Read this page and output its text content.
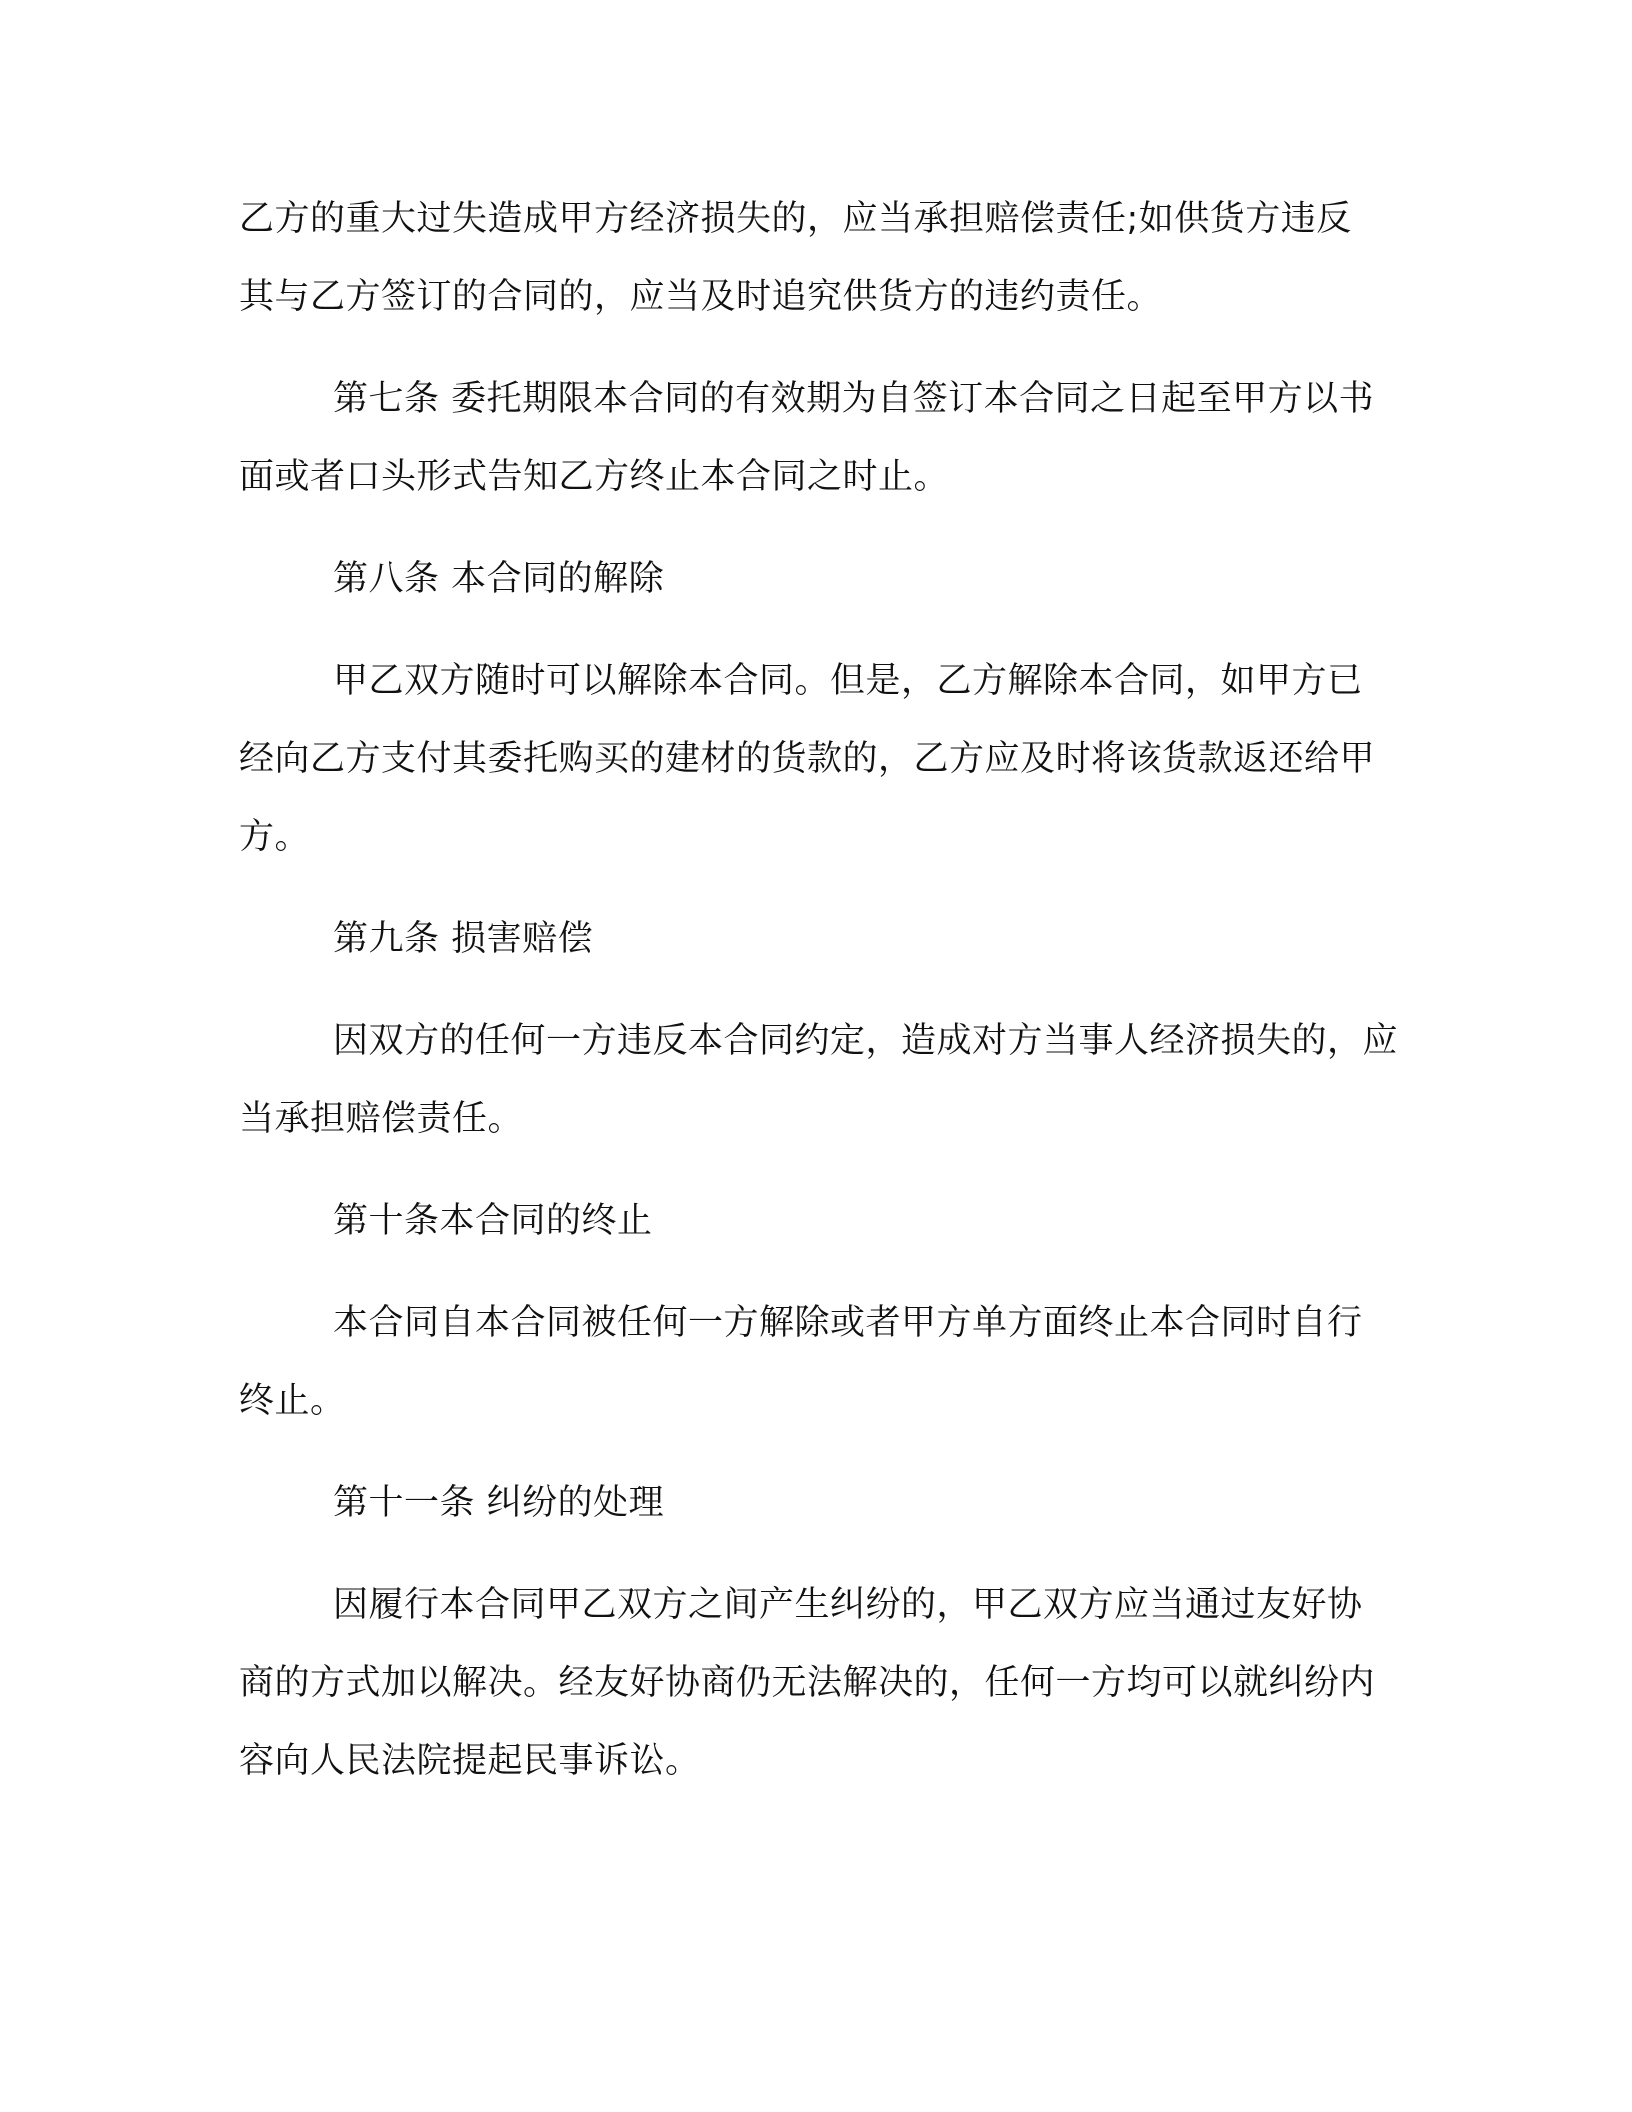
乙方的重大过失造成甲方经济损失的，应当承担赔偿责任;如供货方违反其与乙方签订的合同的，应当及时追究供货方的违约责任。

第七条 委托期限本合同的有效期为自签订本合同之日起至甲方以书面或者口头形式告知乙方终止本合同之时止。

第八条 本合同的解除

甲乙双方随时可以解除本合同。但是，乙方解除本合同，如甲方已经向乙方支付其委托购买的建材的货款的，乙方应及时将该货款返还给甲方。

第九条 损害赔偿

因双方的任何一方违反本合同约定，造成对方当事人经济损失的，应当承担赔偿责任。

第十条本合同的终止

本合同自本合同被任何一方解除或者甲方单方面终止本合同时自行终止。

第十一条 纠纷的处理

因履行本合同甲乙双方之间产生纠纷的，甲乙双方应当通过友好协商的方式加以解决。经友好协商仍无法解决的，任何一方均可以就纠纷内容向人民法院提起民事诉讼。
